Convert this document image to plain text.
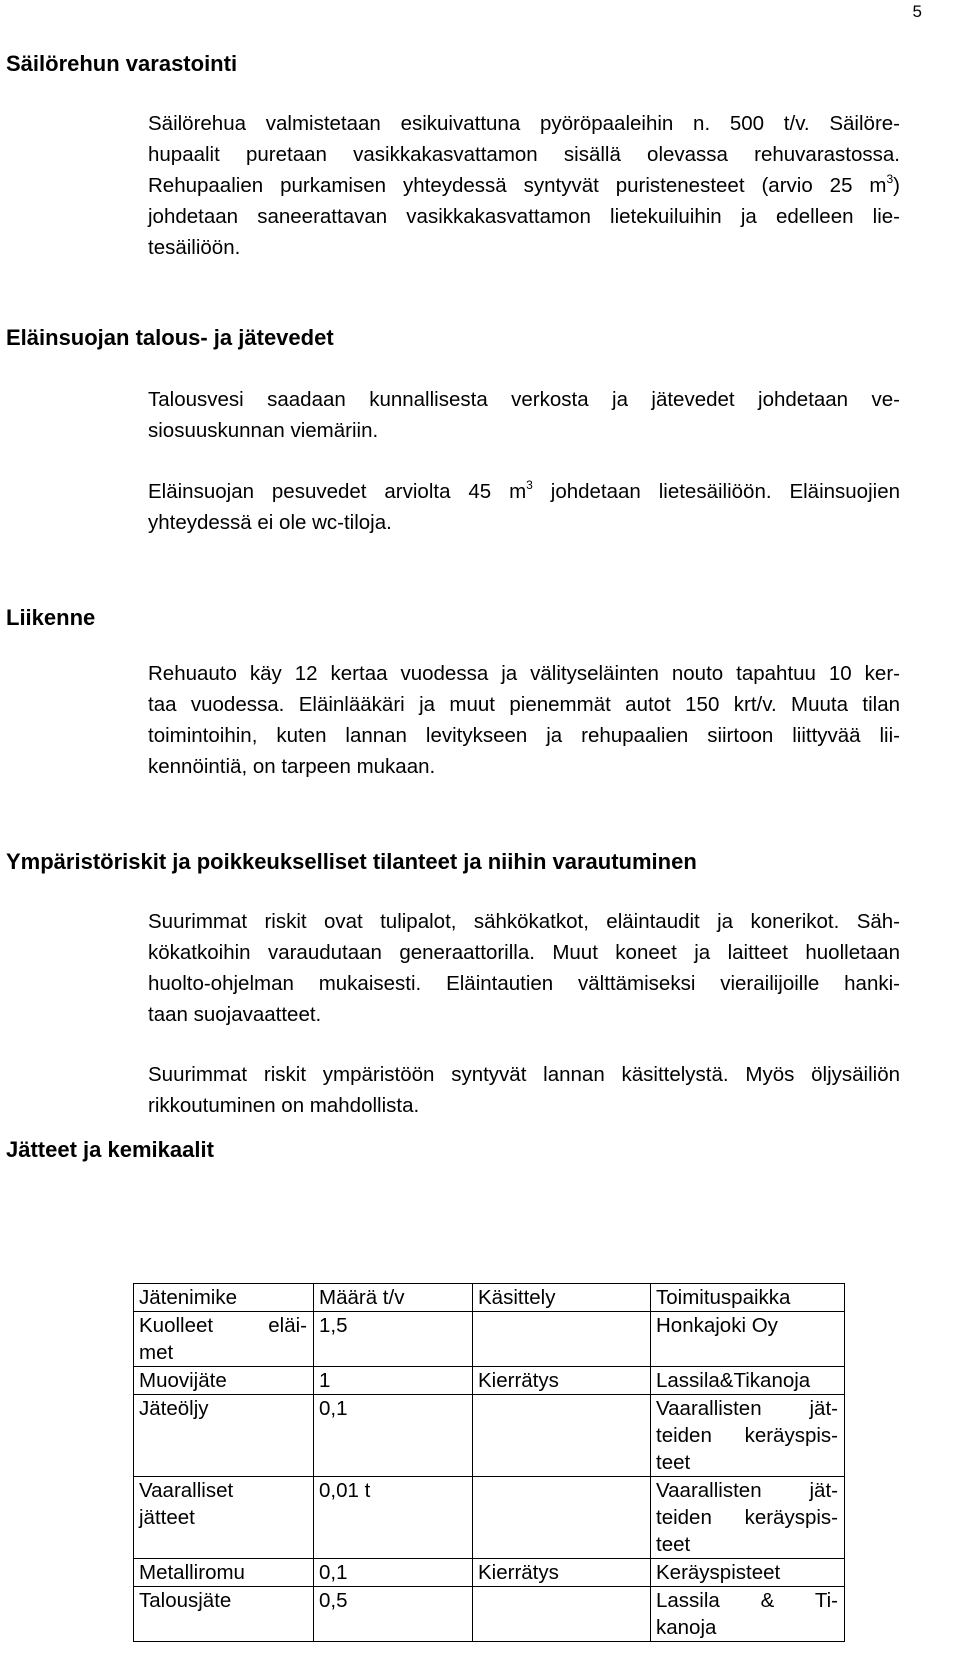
5
Säilörehun varastointi
Säilörehua valmistetaan esikuivattuna pyöröpaaleihin n. 500 t/v. Säilöre-
hupaalit puretaan vasikkakasvattamon sisällä olevassa rehuvarastossa.
Rehupaalien purkamisen yhteydessä syntyvät puristenesteet (arvio 25 $m^3$)
johdetaan saneerattavan vasikkakasvattamon lietekuiluihin ja edelleen lie-
tesäiliöön.
Eläinsuojan talous- ja jätevedet
Talousvesi saadaan kunnallisesta verkosta ja jätevedet johdetaan ve-
siosuuskunnan viemäriin.
Eläinsuojan pesuvedet arviolta 45 $m^3$ johdetaan lietesäiliöön. Eläinsuojien
yhteydessä ei ole wc-tiloja.
Liikenne
Rehuauto käy 12 kertaa vuodessa ja välityseläinten nouto tapahtuu 10 ker-
taa vuodessa. Eläinlääkäri ja muut pienemmät autot 150 krt/v. Muuta tilan
toimintoihin, kuten lannan levitykseen ja rehupaalien siirtoon liittyvää lii-
kennöintiä, on tarpeen mukaan.
Ympäristöriskit ja poikkeukselliset tilanteet ja niihin varautuminen
Suurimmat riskit ovat tulipalot, sähkökatkot, eläintaudit ja konerikot. Säh-
kökatkoihin varaudutaan generaattorilla. Muut koneet ja laitteet huolletaan
huolto-ohjelman mukaisesti. Eläintautien välttämiseksi vierailijoille hanki-
taan suojavaatteet.
Suurimmat riskit ympäristöön syntyvät lannan käsittelystä. Myös öljysäiliön
rikkoutuminen on mahdollista.
Jätteet ja kemikaalit
Jätenimike	Määrä t/v	Käsittely	Toimituspaikka

Kuolleet eläi-
met	1,5		Honkajoki Oy

Muovijäte	1	Kierrätys	Lassila&Tikanoja

Jäteöljy	0,1		Vaarallisten jät-
teiden keräyspis-
teet

Vaaralliset
jätteet	0,01 t		Vaarallisten jät-
teiden keräyspis-
teet

Metalliromu	0,1	Kierrätys	Keräyspisteet

Talousjäte	0,5		Lassila & Ti-
kanoja
